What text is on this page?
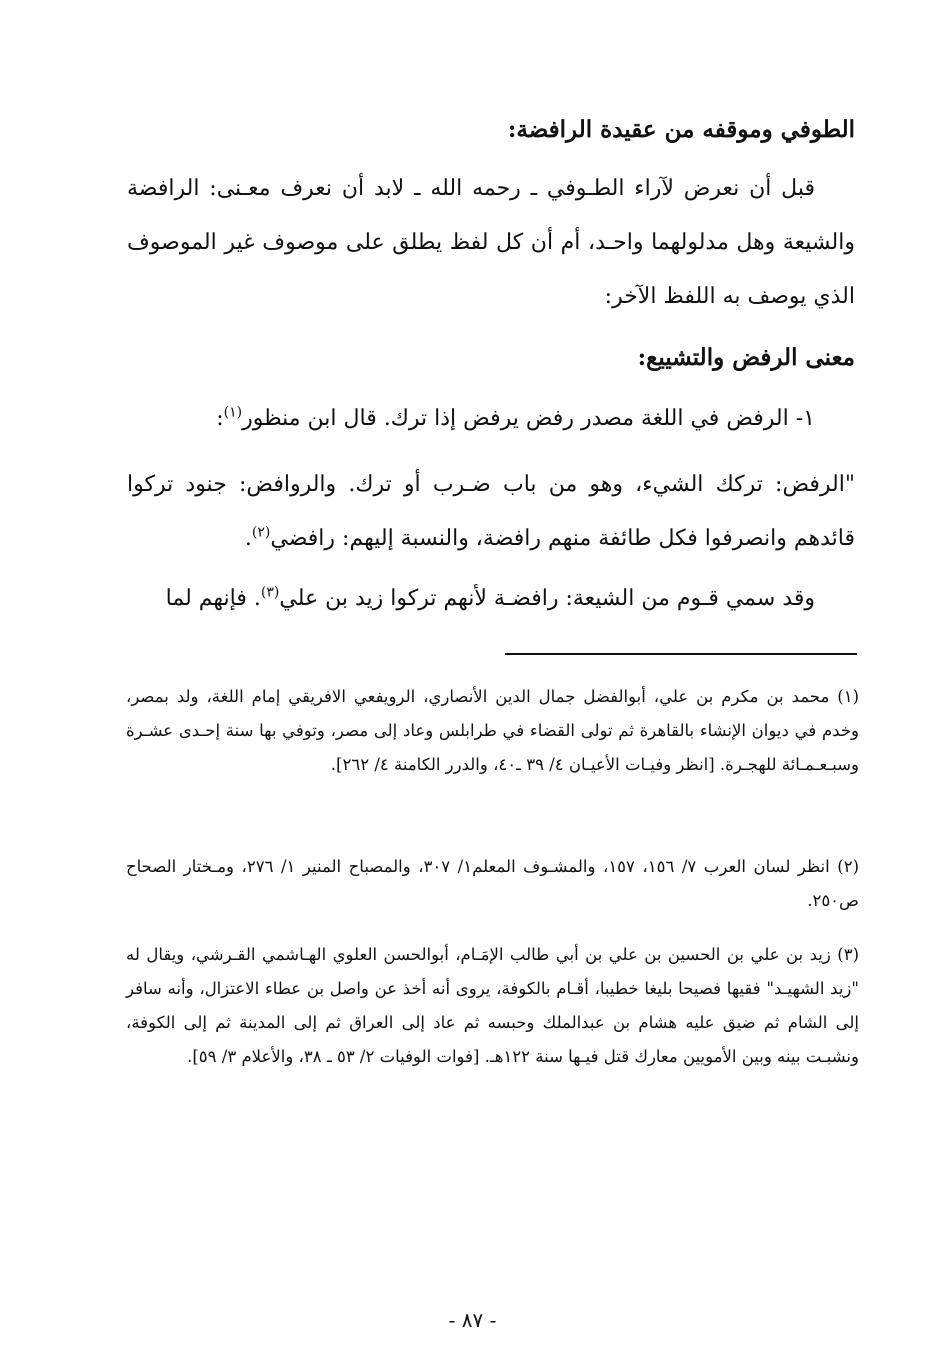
الطوفي وموقفه من عقيدة الرافضة:

قبل أن نعرض لآراء الطـوفي ـ رحمه الله ـ لابد أن نعرف معـنى: الرافضة والشيعة وهل مدلولهما واحـد، أم أن كل لفظ يطلق على موصوف غير الموصوف الذي يوصف به اللفظ الآخر:

معنى الرفض والتشييع:

١- الرفض في اللغة مصدر رفض يرفض إذا ترك. قال ابن منظور$^{(١)}$:

"الرفض: تركك الشيء، وهو من باب ضـرب أو ترك. والروافض: جنود تركوا قائدهم وانصرفوا فكل طائفة منهم رافضة، والنسبة إليهم: رافضي$^{(٢)}$.

وقد سمي قـوم من الشيعة: رافضـة لأنهم تركوا زيد بن علي$^{(٣)}$. فإنهم لما

(١) محمد بن مكرم بن علي، أبوالفضل جمال الدين الأنصاري، الرويفعي الافريقي إمام اللغة، ولد بمصر، وخدم في ديوان الإنشاء بالقاهرة ثم تولى القضاء في طرابلس وعاد إلى مصر، وتوفي بها سنة إحـدى عشـرة وسبـعـمـائة للهجـرة. [انظر وفيـات الأعيـان ٤/ ٣٩ ـ٤٠، والدرر الكامنة ٤/ ٢٦٢].

(٢) انظر لسان العرب ٧/ ١٥٦، ١٥٧، والمشـوف المعلم١/ ٣٠٧، والمصباح المنير ١/ ٢٧٦، ومـختار الصحاح ص٢٥٠.

(٣) زيد بن علي بن الحسين بن علي بن أبي طالب الإمَـام، أبوالحسن العلوي الهـاشمي القـرشي، ويقال له "زيد الشهيـد" فقيها فصيحا بليغا خطيبا، أقـام بالكوفة، يروى أنه أخذ عن واصل بن عطاء الاعتزال، وأنه سافر إلى الشام ثم ضيق عليه هشام بن عبدالملك وحبسه ثم عاد إلى العراق ثم إلى المدينة ثم إلى الكوفة، ونشبـت بينه وبين الأمويين معارك قتل فيـها سنة ١٢٢هـ. [فوات الوفيات ٢/ ٥٣ ـ ٣٨، والأعلام ٣/ ٥٩].

- ٨٧ -
